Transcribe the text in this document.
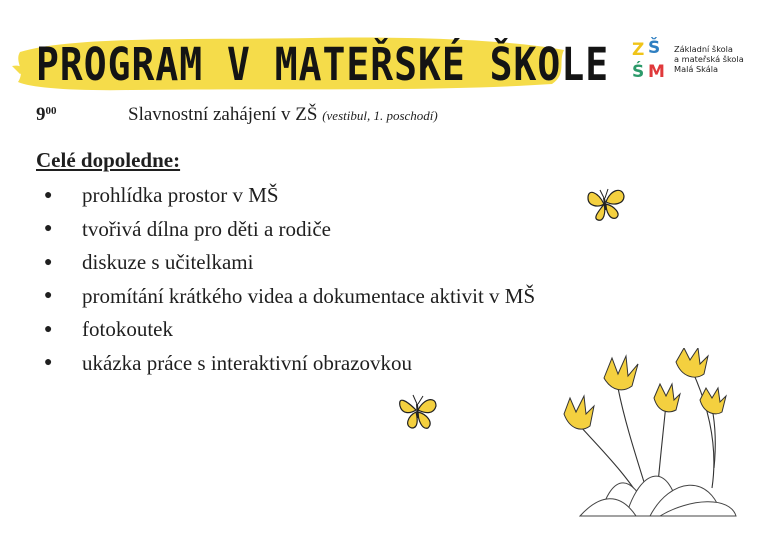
PROGRAM V MATEŘSKÉ ŠKOLE Z Š
Ś M
Základní škola
a mateřská škola
Malá Skála
$9^{00}$	Slavnostní zahájení v ZŠ (vestibul, 1. poschodí)
Celé dopoledne:
●	prohlídka prostor v MŠ
●	tvořivá dílna pro děti a rodiče
●	diskuze s učitelkami
●	promítání krátkého videa a dokumentace aktivit v MŠ
●	fotokoutek
●	ukázka práce s interaktivní obrazovkou
